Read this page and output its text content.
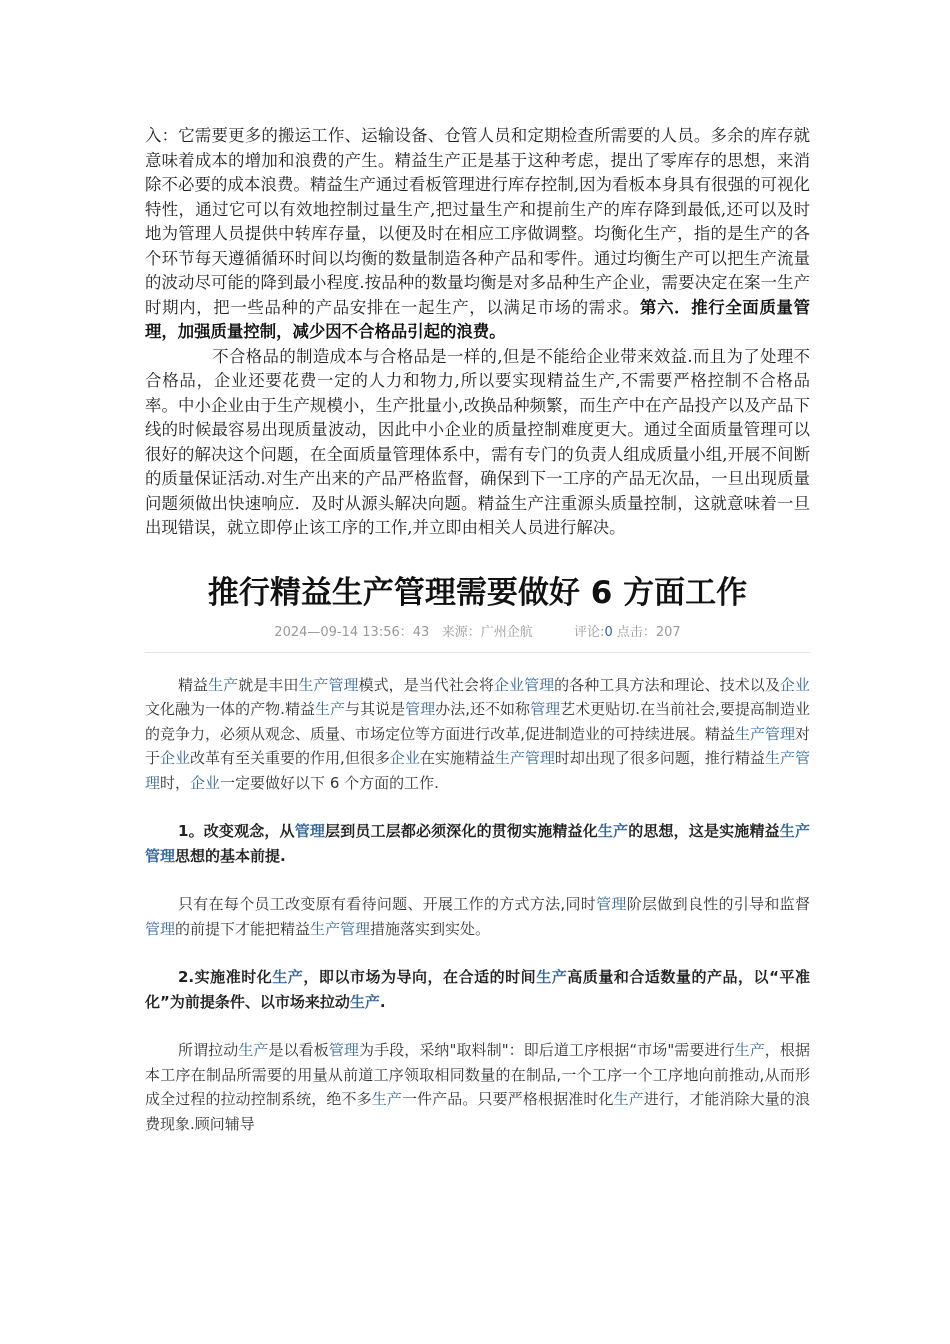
入：它需要更多的搬运工作、运输设备、仓管人员和定期检查所需要的人员。多余的库存就意味着成本的增加和浪费的产生。精益生产正是基于这种考虑，提出了零库存的思想，来消除不必要的成本浪费。精益生产通过看板管理进行库存控制,因为看板本身具有很强的可视化特性，通过它可以有效地控制过量生产,把过量生产和提前生产的库存降到最低,还可以及时地为管理人员提供中转库存量，以便及时在相应工序做调整。均衡化生产，指的是生产的各个环节每天遵循循环时间以均衡的数量制造各种产品和零件。通过均衡生产可以把生产流量的波动尽可能的降到最小程度.按品种的数量均衡是对多品种生产企业，需要决定在案一生产时期内，把一些品种的产品安排在一起生产，以满足市场的需求。第六．推行全面质量管理，加强质量控制，减少因不合格品引起的浪费。

不合格品的制造成本与合格品是一样的,但是不能给企业带来效益.而且为了处理不合格品，企业还要花费一定的人力和物力,所以要实现精益生产,不需要严格控制不合格品率。中小企业由于生产规模小，生产批量小,改换品种频繁，而生产中在产品投产以及产品下线的时候最容易出现质量波动，因此中小企业的质量控制难度更大。通过全面质量管理可以很好的解决这个问题，在全面质量管理体系中，需有专门的负责人组成质量小组,开展不间断的质量保证活动.对生产出来的产品严格监督，确保到下一工序的产品无次品，一旦出现质量问题须做出快速响应．及时从源头解决向题。精益生产注重源头质量控制，这就意味着一旦出现错误，就立即停止该工序的工作,并立即由相关人员进行解决。

推行精益生产管理需要做好 6 方面工作
2024—09-14 13:56：43 来源：广州企航	评论:0 点击：207

精益生产就是丰田生产管理模式，是当代社会将企业管理的各种工具方法和理论、技术以及企业文化融为一体的产物.精益生产与其说是管理办法,还不如称管理艺术更贴切.在当前社会,要提高制造业的竞争力，必须从观念、质量、市场定位等方面进行改革,促进制造业的可持续进展。精益生产管理对于企业改革有至关重要的作用,但很多企业在实施精益生产管理时却出现了很多问题，推行精益生产管理时，企业一定要做好以下 6 个方面的工作.

1。改变观念，从管理层到员工层都必须深化的贯彻实施精益化生产的思想，这是实施精益生产管理思想的基本前提.

只有在每个员工改变原有看待问题、开展工作的方式方法,同时管理阶层做到良性的引导和监督管理的前提下才能把精益生产管理措施落实到实处。

2.实施准时化生产，即以市场为导向，在合适的时间生产高质量和合适数量的产品，以“平准化”为前提条件、以市场来拉动生产.

所谓拉动生产是以看板管理为手段，采纳"取料制"：即后道工序根据“市场"需要进行生产，根据本工序在制品所需要的用量从前道工序领取相同数量的在制品,一个工序一个工序地向前推动,从而形成全过程的拉动控制系统，绝不多生产一件产品。只要严格根据准时化生产进行，才能消除大量的浪费现象.顾问辅导
